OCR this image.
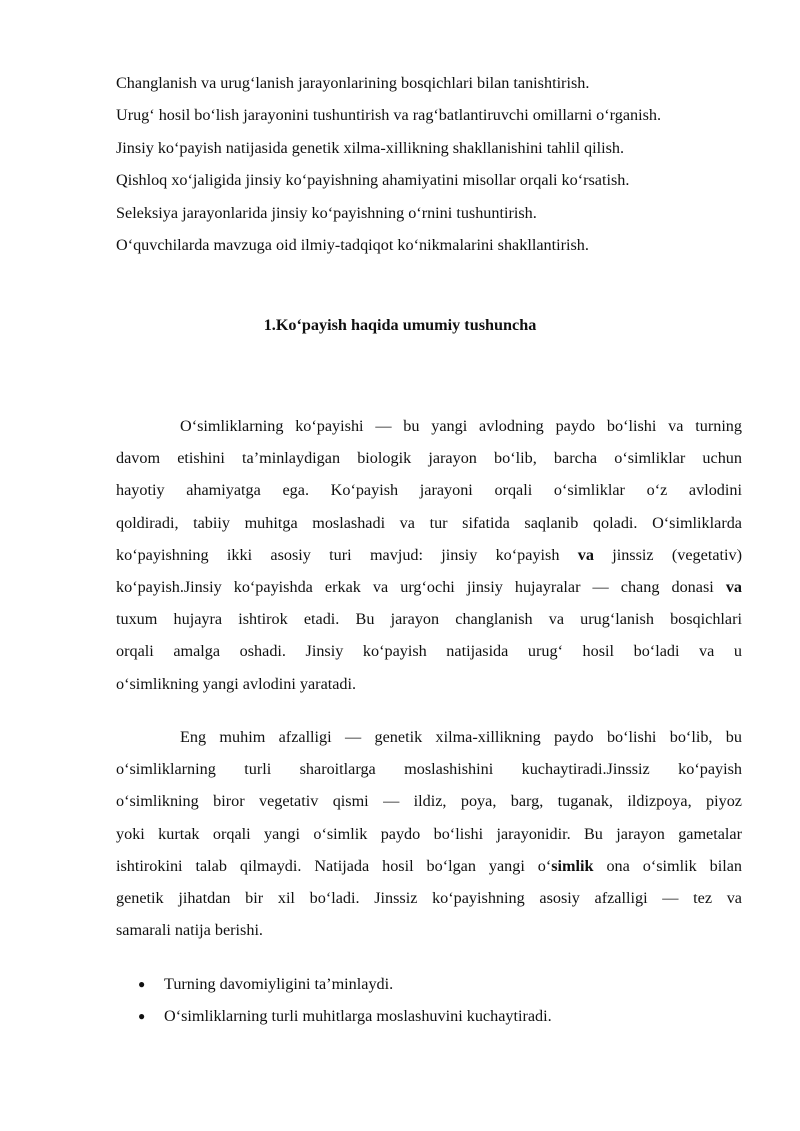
Changlanish va urug‘lanish jarayonlarining bosqichlari bilan tanishtirish.
Urug‘ hosil bo‘lish jarayonini tushuntirish va rag‘batlantiruvchi omillarni o‘rganish.
Jinsiy ko‘payish natijasida genetik xilma-xillikning shakllanishini tahlil qilish.
Qishloq xo‘jaligida jinsiy ko‘payishning ahamiyatini misollar orqali ko‘rsatish.
Seleksiya jarayonlarida jinsiy ko‘payishning o‘rnini tushuntirish.
O‘quvchilarda mavzuga oid ilmiy-tadqiqot ko‘nikmalarini shakllantirish.
1.Ko‘payish haqida umumiy tushuncha
O‘simliklarning ko‘payishi — bu yangi avlodning paydo bo‘lishi va turning
davom etishini ta’minlaydigan biologik jarayon bo‘lib, barcha o‘simliklar uchun
hayotiy ahamiyatga ega. Ko‘payish jarayoni orqali o‘simliklar o‘z avlodini
qoldiradi, tabiiy muhitga moslashadi va tur sifatida saqlanib qoladi. O‘simliklarda
ko‘payishning ikki asosiy turi mavjud: jinsiy ko‘payish va jinssiz (vegetativ)
ko‘payish.Jinsiy ko‘payishda erkak va urg‘ochi jinsiy hujayralar — chang donasi va
tuxum hujayra ishtirok etadi. Bu jarayon changlanish va urug‘lanish bosqichlari
orqali amalga oshadi. Jinsiy ko‘payish natijasida urug‘ hosil bo‘ladi va u
o‘simlikning yangi avlodini yaratadi.
Eng muhim afzalligi — genetik xilma-xillikning paydo bo‘lishi bo‘lib, bu
o‘simliklarning turli sharoitlarga moslashishini kuchaytiradi.Jinssiz ko‘payish
o‘simlikning biror vegetativ qismi — ildiz, poya, barg, tuganak, ildizpoya, piyoz
yoki kurtak orqali yangi o‘simlik paydo bo‘lishi jarayonidir. Bu jarayon gametalar
ishtirokini talab qilmaydi. Natijada hosil bo‘lgan yangi o‘simlik ona o‘simlik bilan
genetik jihatdan bir xil bo‘ladi. Jinssiz ko‘payishning asosiy afzalligi — tez va
samarali natija berishi.
● Turning davomiyligini ta’minlaydi.
● O‘simliklarning turli muhitlarga moslashuvini kuchaytiradi.
